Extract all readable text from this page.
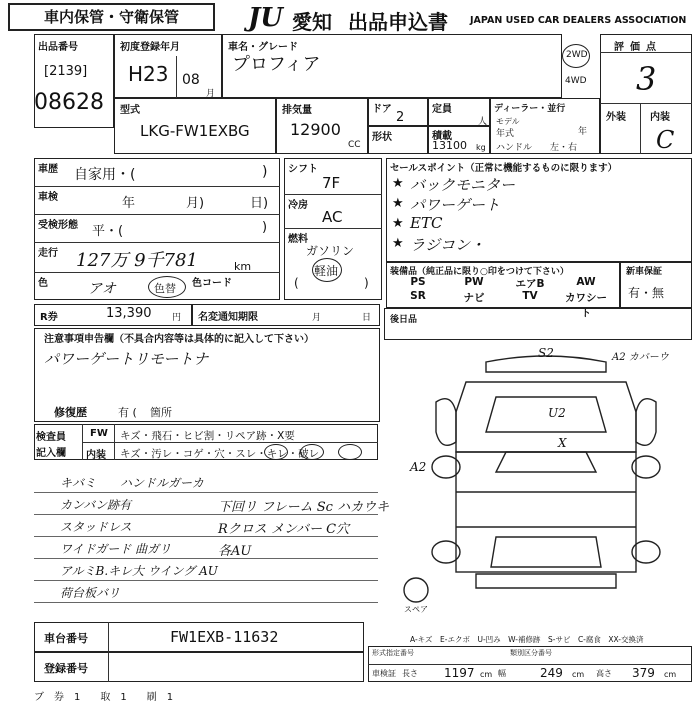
車内保管・守衛保管	JU 愛知 出品申込書 JAPAN USED CAR DEALERS ASSOCIATION
出品番号
[2139]
08628
初度登録年月
H23 08
月
車名・グレード
プロフィア	2WD
4WD
評価点
3
外装 内装
C
型式
LKG-FW1EXBG
排気量
12900
CC
ドア
2
定員
人
形状	積載
13100 kg
ディーラー・並行
モデル
年式	年
ハンドル 左・右
車歴 自家用・(	)
車検	年	月)	日)
受検形態 平・(	)
走行 127万 9千781	km
色	アオ	色替 色コード
シフト
7F
冷房
AC
燃料
ガソリン
軽油
(	)
セールスポイント（正常に機能するものに限ります）
★ バックモニター
★ パワーゲート
★ ETC
★ ラジコン・
装備品（純正品に限り○印をつけて下さい）
PS	PW	エアB	AW
SR	ナビ	TV	カワシート
新車保証
有・無
R券	13,390 円 名変通知期限	月	日
注意事項申告欄（不具合内容等は具体的に記入して下さい）
パワーゲートリモートナ
修復歴	有 ( 箇所
後日品
検査員
記入欄
FW キズ・飛石・ヒビ割・リペア跡・X要
内装 キズ・汚レ・コゲ・穴・スレ・キレ・破レ
キバミ　　ハンドルガーカ
カンバン跡有
スタッドレス
ワイドガード 曲ガリ
アルミB.キレ大 ウイング AU
荷台板バリ
下回リ フレーム Sc ハカウキ
Rクロス メンバー C穴
各AU
S2	A2 カバーウ
U2
X
A2
スペア
A-キズ　E-エクボ　U-凹み　W-補修跡　S-サビ　C-腐食　XX-交換済
車台番号	FW1EXB-11632
登録番号
形式指定番号	類別区分番号
車検証 長さ 1197 cm 幅	249 cm 高さ 379 cm
ブ　券　1　　取　1　　刷　1
